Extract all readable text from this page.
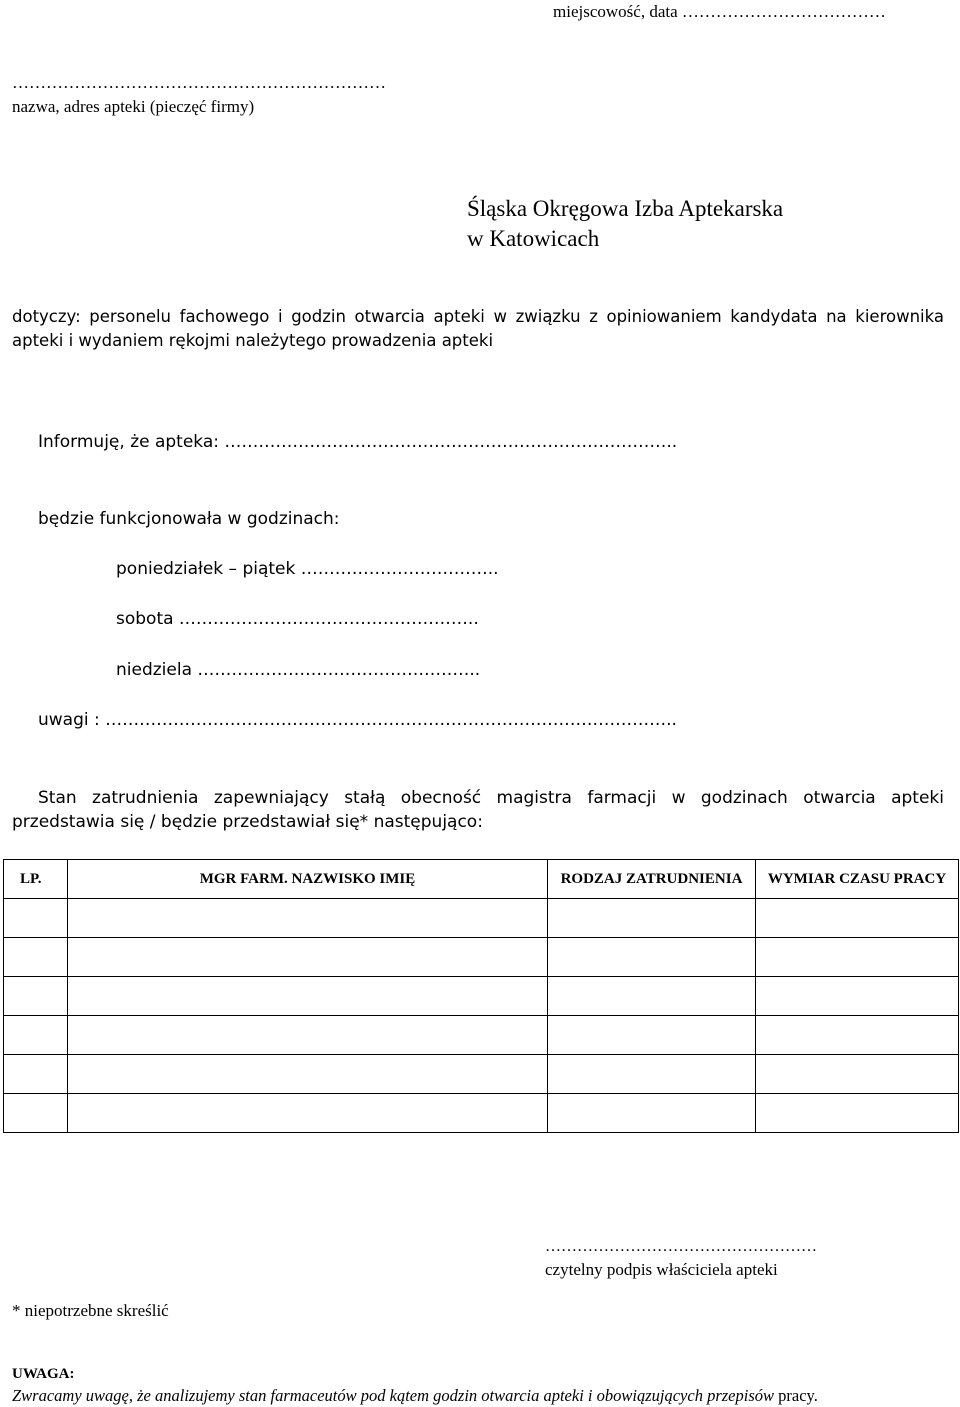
miejscowość, data ………………………………
…………………………………………………………
nazwa, adres apteki (pieczęć firmy)
Śląska Okręgowa Izba Aptekarska
w Katowicach
dotyczy: personelu fachowego i godzin otwarcia apteki w związku z opiniowaniem kandydata na kierownika apteki i wydaniem rękojmi należytego prowadzenia apteki
Informuję, że apteka: ……………………………………………………………………..
będzie funkcjonowała w godzinach:
poniedziałek – piątek ……………………………..
sobota ……………………………………………..
niedziela …………………………………………..
uwagi : ………………………………………………………………………………………..
Stan zatrudnienia zapewniający stałą obecność magistra farmacji w godzinach otwarcia apteki przedstawia się / będzie przedstawiał się* następująco:
LP.	MGR FARM. NAZWISKO IMIĘ	RODZAJ ZATRUDNIENIA	WYMIAR CZASU PRACY

……………………………………………
czytelny podpis właściciela apteki
* niepotrzebne skreślić
UWAGA:
Zwracamy uwagę, że analizujemy stan farmaceutów pod kątem godzin otwarcia apteki i obowiązujących przepisów pracy.
